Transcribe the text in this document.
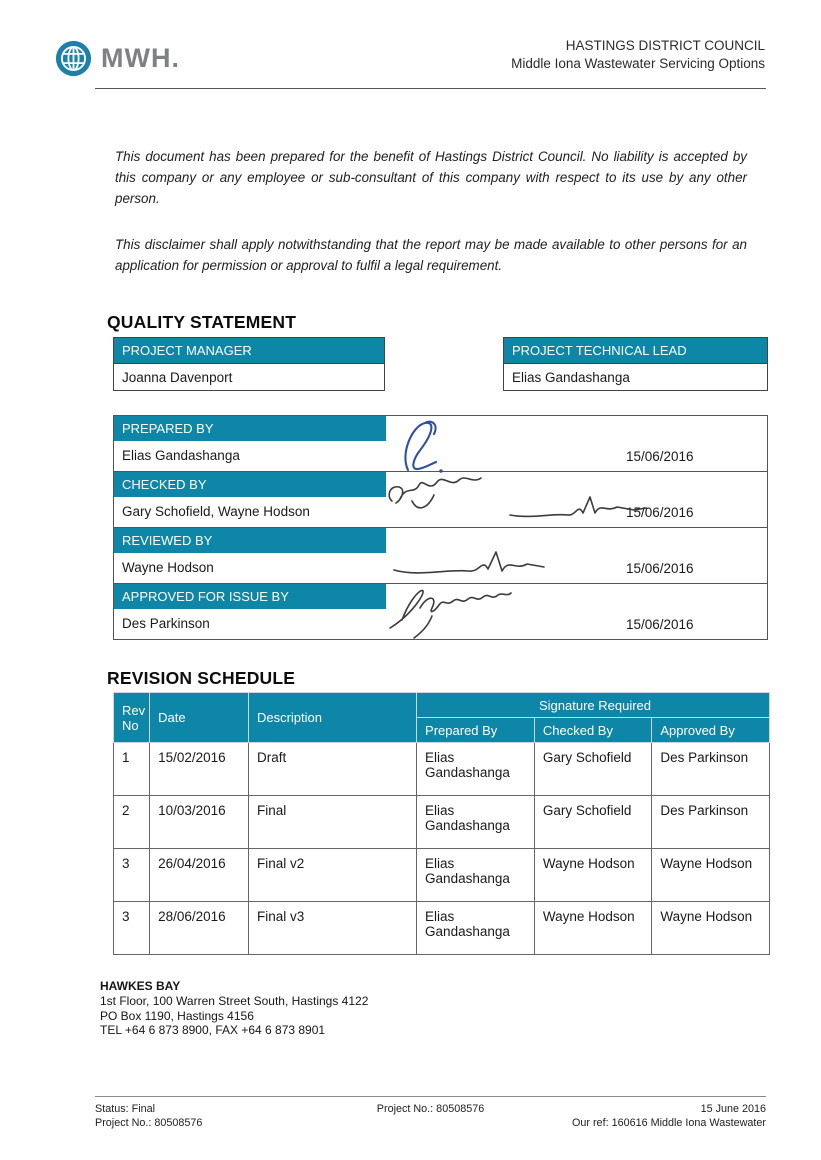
MWH.	HASTINGS DISTRICT COUNCIL
Middle Iona Wastewater Servicing Options

This document has been prepared for the benefit of Hastings District Council. No liability is accepted by this company or any employee or sub-consultant of this company with respect to its use by any other person.

This disclaimer shall apply notwithstanding that the report may be made available to other persons for an application for permission or approval to fulfil a legal requirement.

QUALITY STATEMENT
PROJECT MANAGER
Joanna Davenport
PROJECT TECHNICAL LEAD
Elias Gandashanga
PREPARED BY
Elias Gandashanga	15/06/2016
CHECKED BY
Gary Schofield, Wayne Hodson	15/06/2016
REVIEWED BY
Wayne Hodson	15/06/2016
APPROVED FOR ISSUE BY
Des Parkinson	15/06/2016
REVISION SCHEDULE
Rev No	Date	Description	Signature Required		
			Prepared By	Checked By	Approved By
1	15/02/2016	Draft	Elias Gandashanga	Gary Schofield	Des Parkinson
2	10/03/2016	Final	Elias Gandashanga	Gary Schofield	Des Parkinson
3	26/04/2016	Final v2	Elias Gandashanga	Wayne Hodson	Wayne Hodson
3	28/06/2016	Final v3	Elias Gandashanga	Wayne Hodson	Wayne Hodson
HAWKES BAY
1st Floor, 100 Warren Street South, Hastings 4122
PO Box 1190, Hastings 4156
TEL +64 6 873 8900, FAX +64 6 873 8901
Status: Final
Project No.: 80508576
Project No.: 80508576	15 June 2016
Our ref: 160616 Middle Iona Wastewater
